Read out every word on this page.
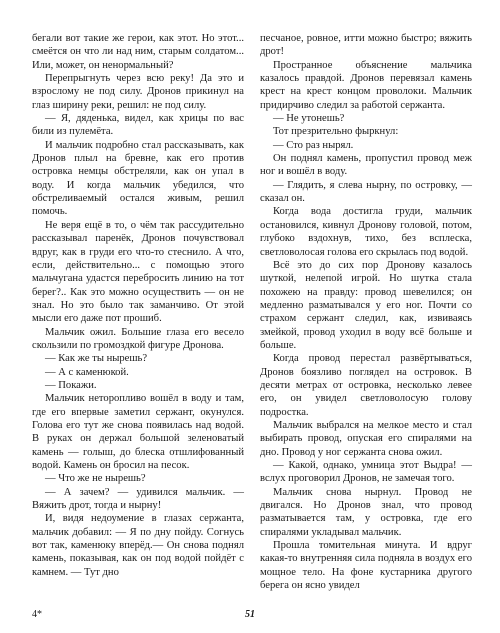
бегали вот такие же герои, как этот. Но этот... смеётся он что ли над ним, старым солдатом... Или, может, он ненормальный?

Перепрыгнуть через всю реку! Да это и взрослому не под силу. Дронов прикинул на глаз ширину реки, решил: не под силу.

— Я, дяденька, видел, как хрицы по вас били из пулемёта.

И мальчик подробно стал рассказывать, как Дронов плыл на бревне, как его против островка немцы обстреляли, как он упал в воду. И когда мальчик убедился, что обстреливаемый остался живым, решил помочь.

Не веря ещё в то, о чём так рассудительно рассказывал паренёк, Дронов почувствовал вдруг, как в груди его что-то стеснило. А что, если, действительно... с помощью этого мальчугана удастся перебросить линию на тот берег?.. Как это можно осуществить — он не знал. Но это было так заманчиво. От этой мысли его даже пот прошиб.

Мальчик ожил. Большие глаза его весело скользили по громоздкой фигуре Дронова.

— Как же ты нырешь?

— А с каменюкой.

— Покажи.

Мальчик неторопливо вошёл в воду и там, где его впервые заметил сержант, окунулся. Голова его тут же снова появилась над водой. В руках он держал большой зеленоватый камень — голыш, до блеска отшлифованный водой. Камень он бросил на песок.

— Что же не нырешь?

— А зачем? — удивился мальчик. — Вяжить дрот, тогда и нырну!

И, видя недоумение в глазах сержанта, мальчик добавил: — Я по дну пойду. Согнусь вот так, каменюку вперёд.— Он снова поднял камень, показывая, как он под водой пойдёт с камнем. — Тут дно

песчаное, ровное, итти можно быстро; вяжить дрот!

Пространное объяснение мальчика казалось правдой. Дронов перевязал камень крест на крест концом проволоки. Мальчик придирчиво следил за работой сержанта.

— Не утонешь?

Тот презрительно фыркнул:

— Сто раз нырял.

Он поднял камень, пропустил провод меж ног и вошёл в воду.

— Глядить, я слева нырну, по островку, — сказал он.

Когда вода достигла груди, мальчик остановился, кивнул Дронову головой, потом, глубоко вздохнув, тихо, без всплеска, светловолосая голова его скрылась под водой.

Всё это до сих пор Дронову казалось шуткой, нелепой игрой. Но шутка стала похожею на правду: провод шевелился; он медленно разматывался у его ног. Почти со страхом сержант следил, как, извиваясь змейкой, провод уходил в воду всё больше и больше.

Когда провод перестал развёртываться, Дронов боязливо поглядел на островок. В десяти метрах от островка, несколько левее его, он увидел светловолосую голову подростка.

Мальчик выбрался на мелкое место и стал выбирать провод, опуская его спиралями на дно. Провод у ног сержанта снова ожил.

— Какой, однако, умница этот Выдра! — вслух проговорил Дронов, не замечая того.

Мальчик снова нырнул. Провод не двигался. Но Дронов знал, что провод разматывается там, у островка, где его спиралями укладывал мальчик.

Прошла томительная минута. И вдруг какая-то внутренняя сила подняла в воздух его мощное тело. На фоне кустарника другого берега он ясно увидел

4*	51
